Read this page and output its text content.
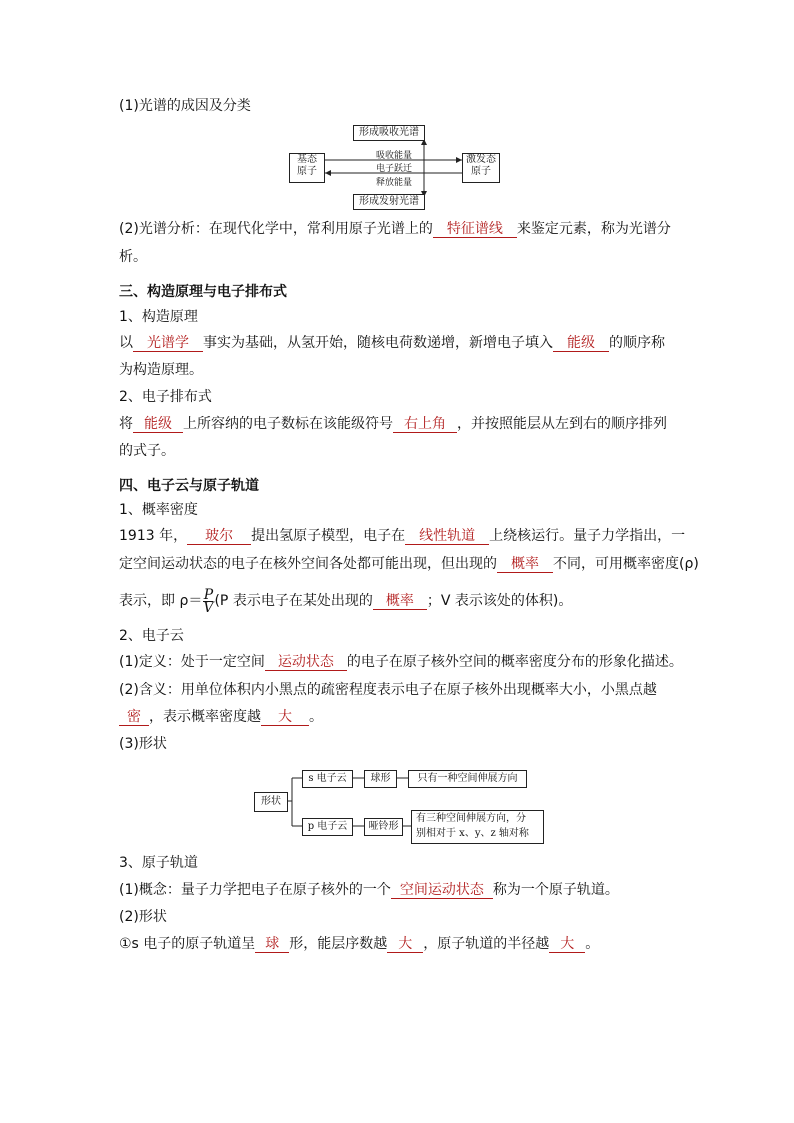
(1)光谱的成因及分类
形成吸收光谱
形成发射光谱
基态
原子
激发态
原子
吸收能量
电子跃迁
释放能量
(2)光谱分析：在现代化学中，常利用原子光谱上的 特征谱线 来鉴定元素，称为光谱分
析。
三、构造原理与电子排布式
1、构造原理
以 光谱学 事实为基础，从氢开始，随核电荷数递增，新增电子填入 能级 的顺序称
为构造原理。
2、电子排布式
将 能级 上所容纳的电子数标在该能级符号 右上角 ，并按照能层从左到右的顺序排列
的式子。
四、电子云与原子轨道
1、概率密度
1913 年， 玻尔 提出氢原子模型，电子在 线性轨道 上绕核运行。量子力学指出，一
定空间运动状态的电子在核外空间各处都可能出现，但出现的 概率 不同，可用概率密度(ρ)
表示，即 $\rho= \frac{P}{V} (P$ 表示电子在某处出现的 概率 ；V 表示该处的体积)。
2、电子云
(1)定义：处于一定空间 运动状态 的电子在原子核外空间的概率密度分布的形象化描述。
(2)含义：用单位体积内小黑点的疏密程度表示电子在原子核外出现概率大小，小黑点越
密 ，表示概率密度越 大 。
(3)形状
形状
s 电子云	球形	只有一种空间伸展方向
p 电子云	哑铃形
有三种空间伸展方向，分
别相对于 x、y、z 轴对称
3、原子轨道
(1)概念：量子力学把电子在原子核外的一个 空间运动状态 称为一个原子轨道。
(2)形状
①s 电子的原子轨道呈 球 形，能层序数越 大 ，原子轨道的半径越 大 。
